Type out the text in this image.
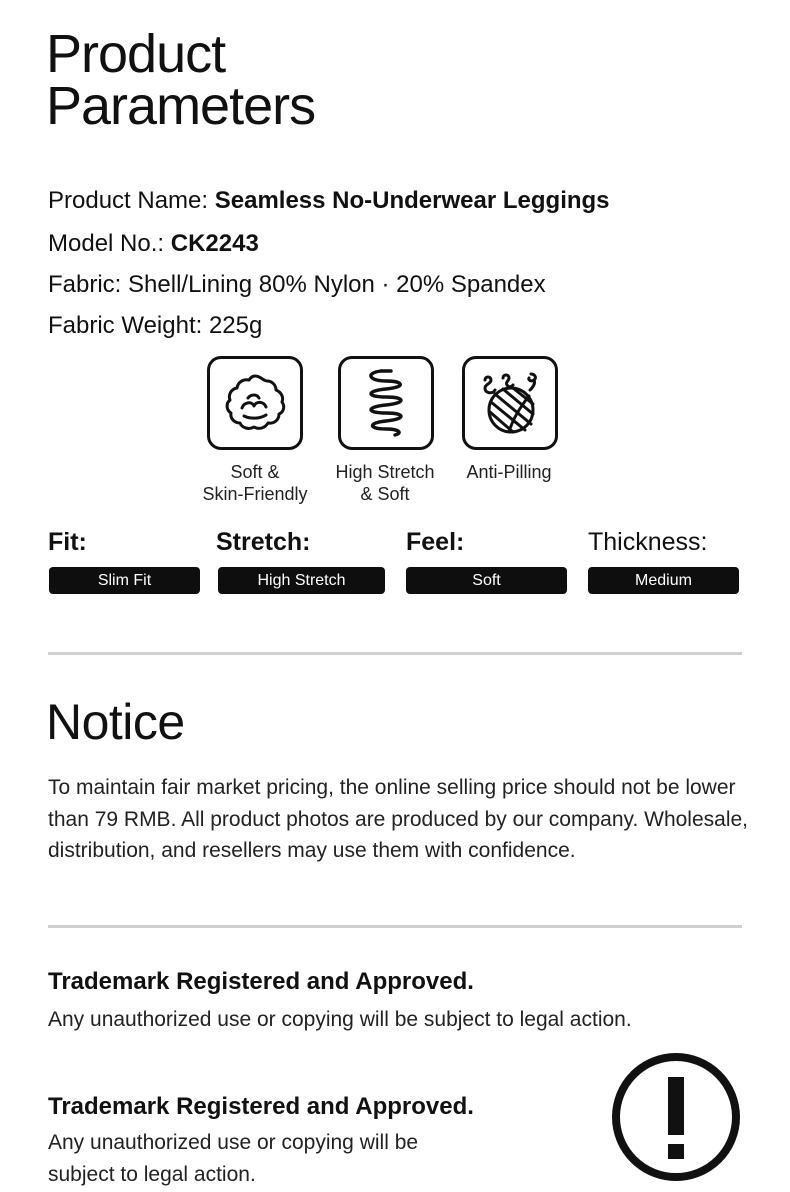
Product
Parameters
Product Name: Seamless No-Underwear Leggings
Model No.: CK2243
Fabric: Shell/Lining 80% Nylon · 20% Spandex
Fabric Weight: 225g
Soft &
Skin-Friendly
High Stretch
& Soft
Anti-Pilling
Fit:	Stretch:	Feel:	Thickness:
Slim Fit	High Stretch	Soft	Medium
Notice

To maintain fair market pricing, the online selling price should not be lower than 79 RMB. All product photos are produced by our company. Wholesale, distribution, and resellers may use them with confidence.

Trademark Registered and Approved.

Any unauthorized use or copying will be subject to legal action.

Trademark Registered and Approved.

Any unauthorized use or copying will be
subject to legal action.
